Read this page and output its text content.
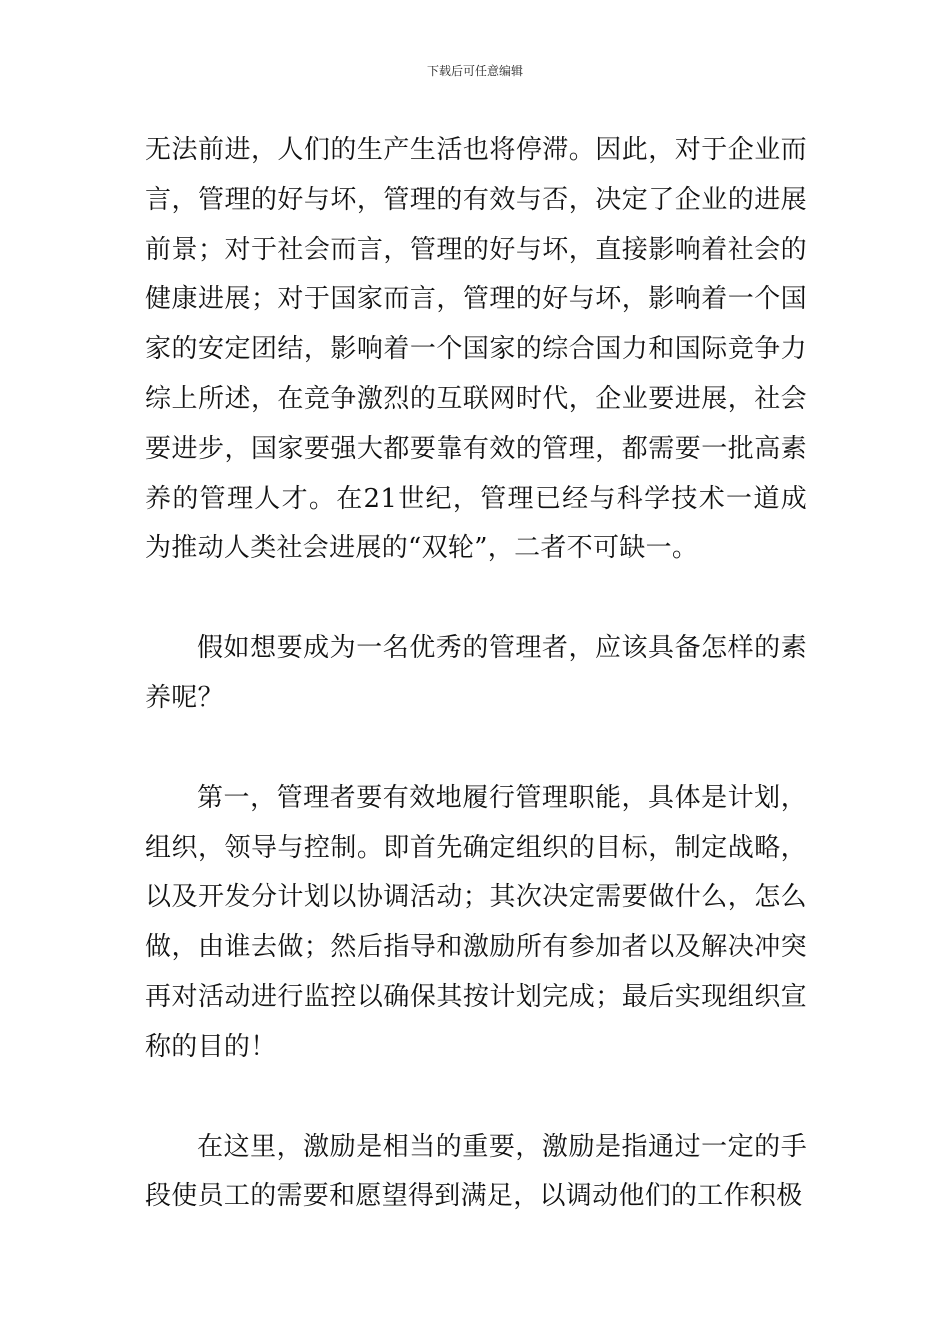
下载后可任意编辑

无法前进，人们的生产生活也将停滞。因此，对于企业而言，管理的好与坏，管理的有效与否，决定了企业的进展前景；对于社会而言，管理的好与坏，直接影响着社会的健康进展；对于国家而言，管理的好与坏，影响着一个国家的安定团结，影响着一个国家的综合国力和国际竞争力综上所述，在竞争激烈的互联网时代，企业要进展，社会要进步，国家要强大都要靠有效的管理，都需要一批高素养的管理人才。在21世纪，管理已经与科学技术一道成为推动人类社会进展的“双轮”，二者不可缺一。

假如想要成为一名优秀的管理者，应该具备怎样的素养呢？

第一，管理者要有效地履行管理职能，具体是计划，组织，领导与控制。即首先确定组织的目标，制定战略，以及开发分计划以协调活动；其次决定需要做什么，怎么做，由谁去做；然后指导和激励所有参加者以及解决冲突再对活动进行监控以确保其按计划完成；最后实现组织宣称的目的！

在这里，激励是相当的重要，激励是指通过一定的手段使员工的需要和愿望得到满足，以调动他们的工作积极
